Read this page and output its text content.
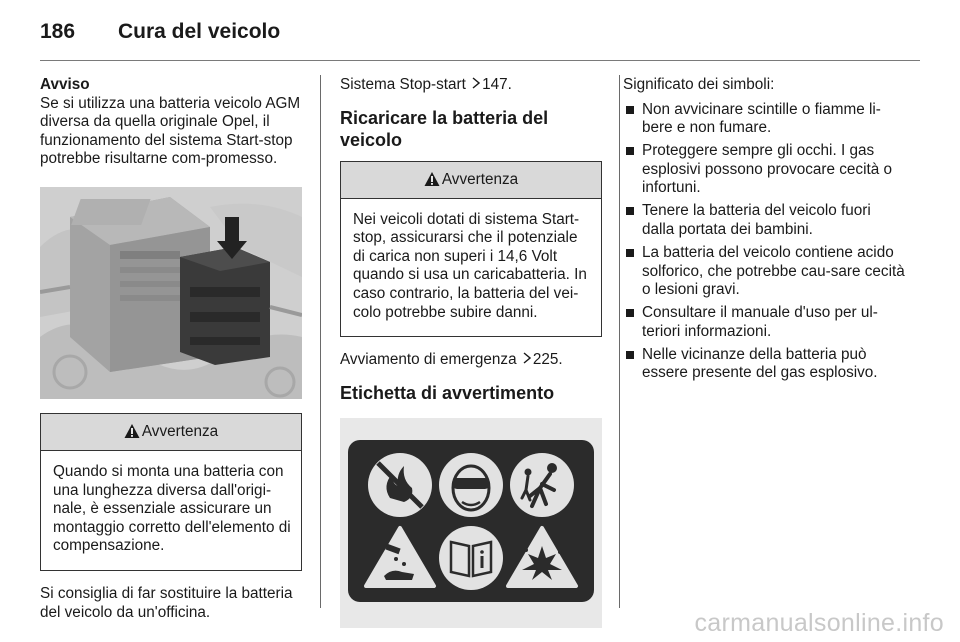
186 Cura del veicolo

Avviso

Se si utilizza una batteria veicolo AGM diversa da quella originale Opel, il funzionamento del sistema Start-stop potrebbe risultarne com-promesso.

Avvertenza
Quando si monta una batteria con una lunghezza diversa dall'origi-nale, è essenziale assicurare un montaggio corretto dell'elemento di compensazione.

Si consiglia di far sostituire la batteria del veicolo da un'officina.

Sistema Stop-start 147.

Ricaricare la batteria del veicolo

Avvertenza
Nei veicoli dotati di sistema Start-stop, assicurarsi che il potenziale di carica non superi i 14,6 Volt quando si usa un caricabatteria. In caso contrario, la batteria del vei-colo potrebbe subire danni.

Avviamento di emergenza 225.

Etichetta di avvertimento

Significato dei simboli:

Non avvicinare scintille o fiamme li-bere e non fumare.
Proteggere sempre gli occhi. I gas esplosivi possono provocare cecità o infortuni.
Tenere la batteria del veicolo fuori dalla portata dei bambini.
La batteria del veicolo contiene acido solforico, che potrebbe cau-sare cecità o lesioni gravi.
Consultare il manuale d'uso per ul-teriori informazioni.
Nelle vicinanze della batteria può essere presente del gas esplosivo.
carmanualsonline.info
